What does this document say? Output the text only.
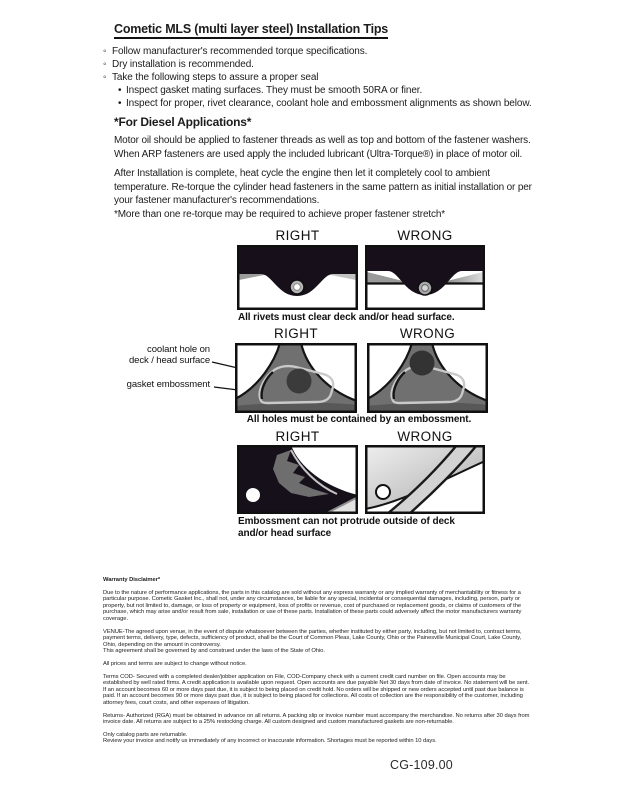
Cometic MLS (multi layer steel) Installation Tips
◦ Follow manufacturer's recommended torque specifications.
◦ Dry installation is recommended.
◦ Take the following steps to assure a proper seal
• Inspect gasket mating surfaces. They must be smooth 50RA or finer.
• Inspect for proper, rivet clearance, coolant hole and embossment alignments as shown below.
*For Diesel Applications*
Motor oil should be applied to fastener threads as well as top and bottom of the fastener washers. When ARP fasteners are used apply the included lubricant (Ultra-Torque®) in place of motor oil.
After Installation is complete, heat cycle the engine then let it completely cool to ambient temperature. Re-torque the cylinder head fasteners in the same pattern as initial installation or per your fastener manufacturer's recommendations.
*More than one re-torque may be required to achieve proper fastener stretch*
RIGHT	WRONG
All rivets must clear deck and/or head surface.
RIGHT	WRONG
coolant hole on
deck / head surface
gasket embossment
All holes must be contained by an embossment.
RIGHT	WRONG
Embossment can not protrude outside of deck
and/or head surface
Warranty Disclaimer*

Due to the nature of performance applications, the parts in this catalog are sold without any express warranty or any implied warranty of merchantability or fitness for a particular purpose. Cometic Gasket Inc., shall not, under any circumstances, be liable for any special, incidental or consequential damages, including, person, party or property, but not limited to, damage, or loss of property or equipment, loss of profits or revenue, cost of purchased or replacement goods, or claims of customers of the purchase, which may arise and/or result from sale, installation or use of these parts. Installation of these parts could adversely affect the motor manufacturers warranty coverage.

VENUE-The agreed upon venue, in the event of dispute whatsoever between the parties, whether instituted by either party, including, but not limited to, contract terms, payment terms, delivery, type, defects, sufficiency of product, shall be the Court of Common Pleas, Lake County, Ohio or the Painesville Municipal Court, Lake County, Ohio, depending on the amount in controversy.

This agreement shall be governed by and construed under the laws of the State of Ohio.

All prices and terms are subject to change without notice.

Terms COD- Secured with a completed dealer/jobber application on File, COD-Company check with a current credit card number on file. Open accounts may be established by well rated firms. A credit application is available upon request. Open accounts are due payable Net 30 days from date of invoice. No statement will be sent. If an account becomes 60 or more days past due, it is subject to being placed on credit hold. No orders will be shipped or new orders accepted until past due balance is paid. If an account becomes 90 or more days past due, it is subject to being placed for collections. All costs of collection are the responsibility of the customer, including attorney fees, court costs, and other expenses of litigation.

Returns- Authorized (RGA) must be obtained in advance on all returns. A packing slip or invoice number must accompany the merchandise. No returns after 30 days from invoice date. All returns are subject to a 25% restocking charge. All custom designed and custom manufactured gaskets are non-returnable.

Only catalog parts are returnable.

Review your invoice and notify us immediately of any incorrect or inaccurate information. Shortages must be reported within 10 days.

CG-109.00
